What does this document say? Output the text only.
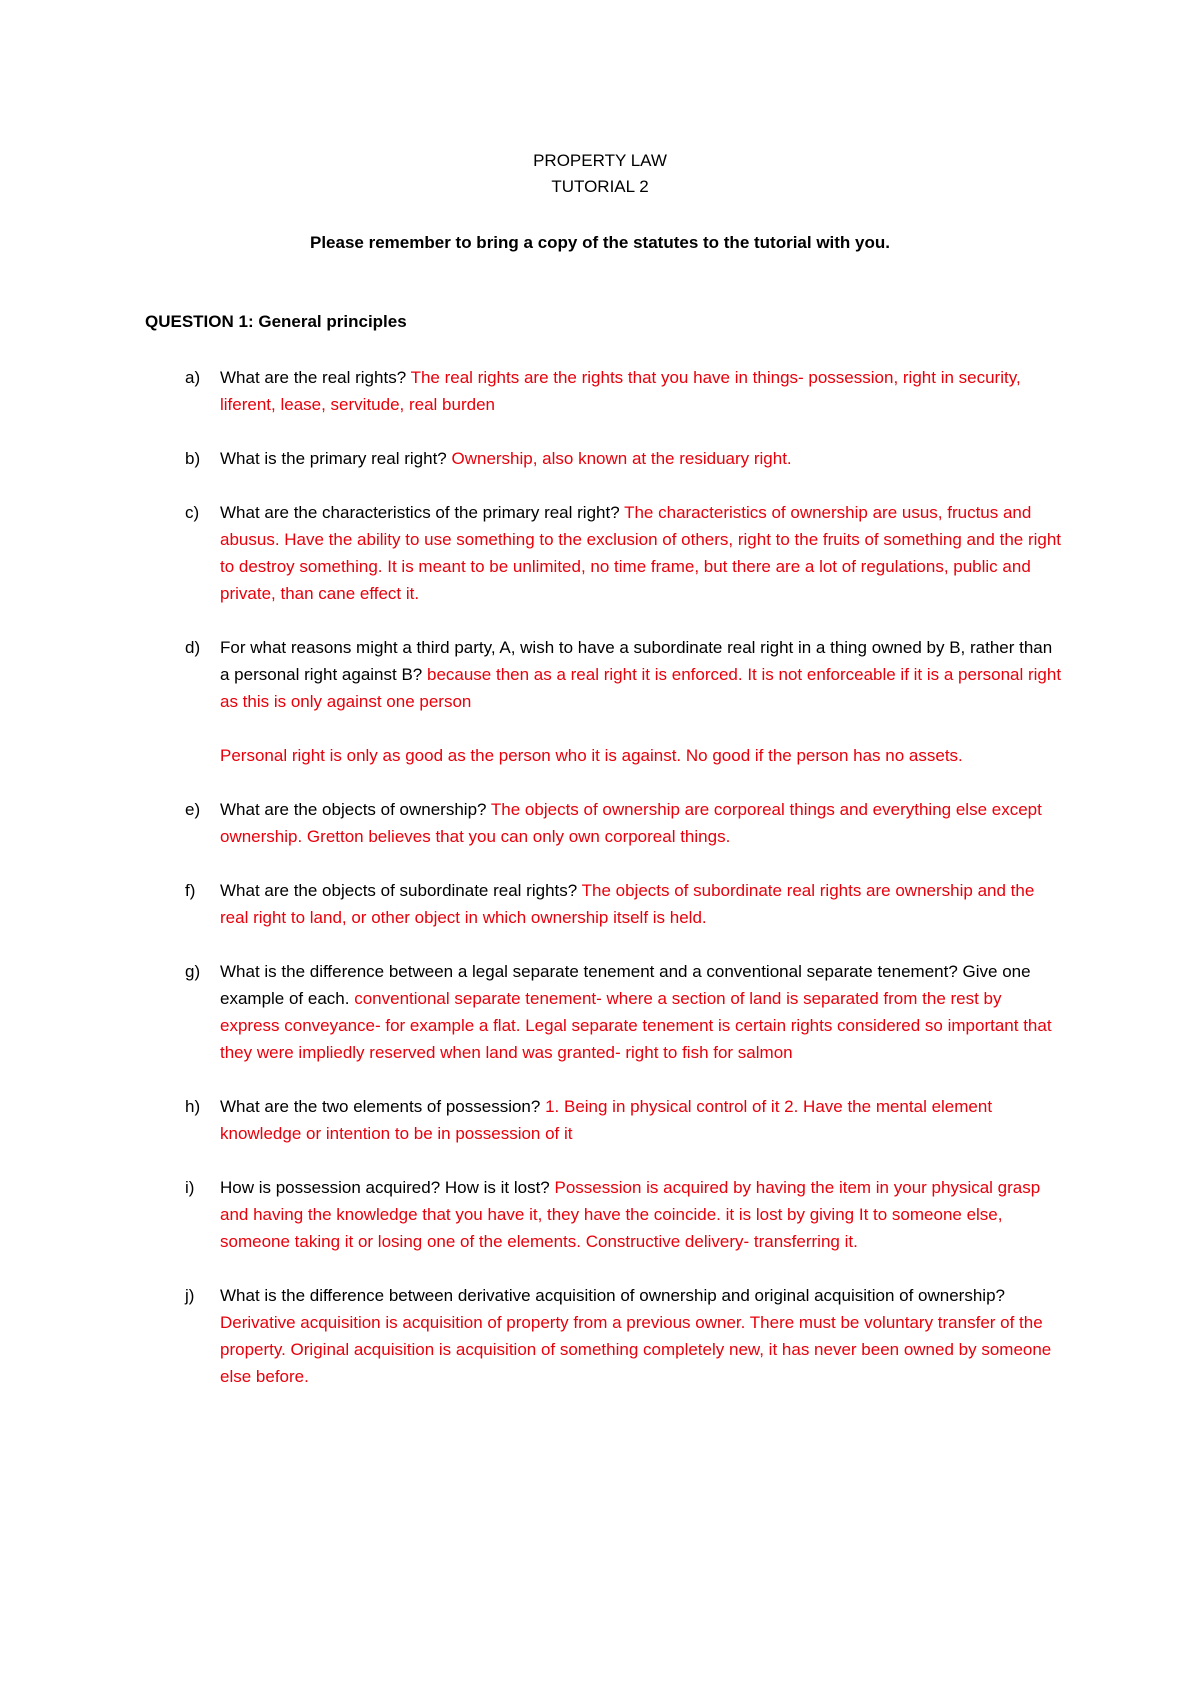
PROPERTY LAW
TUTORIAL 2
Please remember to bring a copy of the statutes to the tutorial with you.
QUESTION 1: General principles
a) What are the real rights? The real rights are the rights that you have in things- possession, right in security, liferent, lease, servitude, real burden
b) What is the primary real right? Ownership, also known at the residuary right.
c) What are the characteristics of the primary real right? The characteristics of ownership are usus, fructus and abusus. Have the ability to use something to the exclusion of others, right to the fruits of something and the right to destroy something. It is meant to be unlimited, no time frame, but there are a lot of regulations, public and private, than cane effect it.
d) For what reasons might a third party, A, wish to have a subordinate real right in a thing owned by B, rather than a personal right against B? because then as a real right it is enforced. It is not enforceable if it is a personal right as this is only against one person
Personal right is only as good as the person who it is against. No good if the person has no assets.
e) What are the objects of ownership? The objects of ownership are corporeal things and everything else except ownership. Gretton believes that you can only own corporeal things.
f) What are the objects of subordinate real rights? The objects of subordinate real rights are ownership and the real right to land, or other object in which ownership itself is held.
g) What is the difference between a legal separate tenement and a conventional separate tenement? Give one example of each. conventional separate tenement- where a section of land is separated from the rest by express conveyance- for example a flat. Legal separate tenement is certain rights considered so important that they were impliedly reserved when land was granted- right to fish for salmon
h) What are the two elements of possession? 1. Being in physical control of it 2. Have the mental element knowledge or intention to be in possession of it
i) How is possession acquired? How is it lost? Possession is acquired by having the item in your physical grasp and having the knowledge that you have it, they have the coincide. it is lost by giving It to someone else, someone taking it or losing one of the elements. Constructive delivery- transferring it.
j) What is the difference between derivative acquisition of ownership and original acquisition of ownership? Derivative acquisition is acquisition of property from a previous owner. There must be voluntary transfer of the property. Original acquisition is acquisition of something completely new, it has never been owned by someone else before.
